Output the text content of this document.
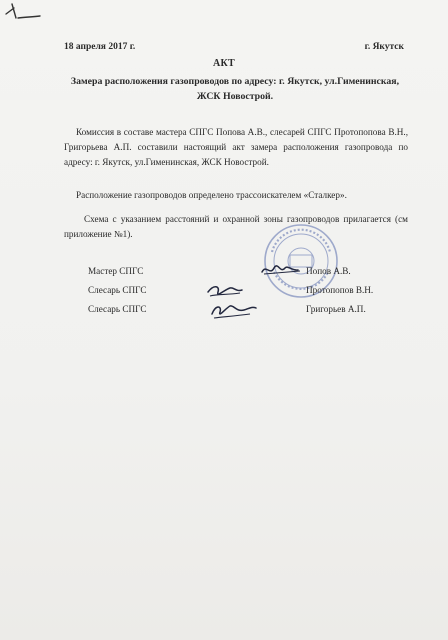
18 апреля 2017 г.	г. Якутск
АКТ
Замера расположения газопроводов по адресу: г. Якутск, ул.Гименинская,
ЖСК Новострой.
Комиссия в составе мастера СПГС Попова А.В., слесарей СПГС Протопопова В.Н., Григорьева А.П. составили настоящий акт замера расположения газопровода по адресу: г. Якутск, ул.Гименинская, ЖСК Новострой.
Расположение газопроводов определено трассоискателем «Сталкер».
Схема с указанием расстояний и охранной зоны газопроводов прилагается (см приложение №1).
Мастер СПГС	Попов А.В.
Слесарь СПГС	Протопопов В.Н.
Слесарь СПГС	Григорьев А.П.
